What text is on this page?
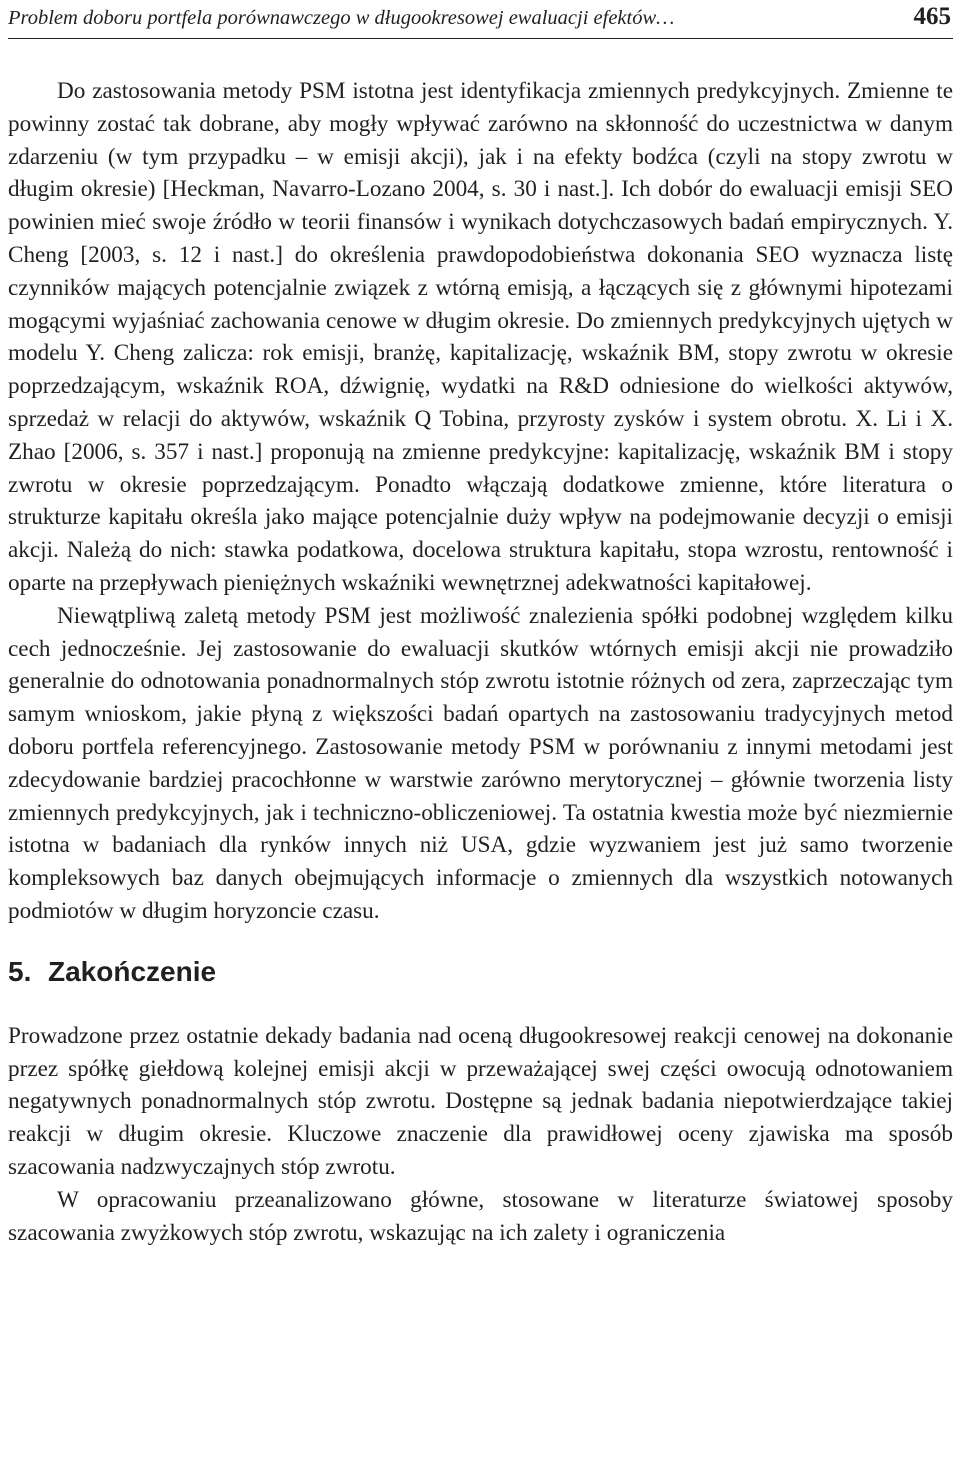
Problem doboru portfela porównawczego w długookresowej ewaluacji efektów…	465

Do zastosowania metody PSM istotna jest identyfikacja zmiennych predykcyjnych. Zmienne te powinny zostać tak dobrane, aby mogły wpływać zarówno na skłonność do uczestnictwa w danym zdarzeniu (w tym przypadku – w emisji akcji), jak i na efekty bodźca (czyli na stopy zwrotu w długim okresie) [Heckman, Navarro-Lozano 2004, s. 30 i nast.]. Ich dobór do ewaluacji emisji SEO powinien mieć swoje źródło w teorii finansów i wynikach dotychczasowych badań empirycznych. Y. Cheng [2003, s. 12 i nast.] do określenia prawdopodobieństwa dokonania SEO wyznacza listę czynników mających potencjalnie związek z wtórną emisją, a łączących się z głównymi hipotezami mogącymi wyjaśniać zachowania cenowe w długim okresie. Do zmiennych predykcyjnych ujętych w modelu Y. Cheng zalicza: rok emisji, branżę, kapitalizację, wskaźnik BM, stopy zwrotu w okresie poprzedzającym, wskaźnik ROA, dźwignię, wydatki na R&D odniesione do wielkości aktywów, sprzedaż w relacji do aktywów, wskaźnik Q Tobina, przyrosty zysków i system obrotu. X. Li i X. Zhao [2006, s. 357 i nast.] proponują na zmienne predykcyjne: kapitalizację, wskaźnik BM i stopy zwrotu w okresie poprzedzającym. Ponadto włączają dodatkowe zmienne, które literatura o strukturze kapitału określa jako mające potencjalnie duży wpływ na podejmowanie decyzji o emisji akcji. Należą do nich: stawka podatkowa, docelowa struktura kapitału, stopa wzrostu, rentowność i oparte na przepływach pieniężnych wskaźniki wewnętrznej adekwatności kapitałowej.

Niewątpliwą zaletą metody PSM jest możliwość znalezienia spółki podobnej względem kilku cech jednocześnie. Jej zastosowanie do ewaluacji skutków wtórnych emisji akcji nie prowadziło generalnie do odnotowania ponadnormalnych stóp zwrotu istotnie różnych od zera, zaprzeczając tym samym wnioskom, jakie płyną z większości badań opartych na zastosowaniu tradycyjnych metod doboru portfela referencyjnego. Zastosowanie metody PSM w porównaniu z innymi metodami jest zdecydowanie bardziej pracochłonne w warstwie zarówno merytorycznej – głównie tworzenia listy zmiennych predykcyjnych, jak i techniczno-obliczeniowej. Ta ostatnia kwestia może być niezmiernie istotna w badaniach dla rynków innych niż USA, gdzie wyzwaniem jest już samo tworzenie kompleksowych baz danych obejmujących informacje o zmiennych dla wszystkich notowanych podmiotów w długim horyzoncie czasu.

5. Zakończenie

Prowadzone przez ostatnie dekady badania nad oceną długookresowej reakcji cenowej na dokonanie przez spółkę giełdową kolejnej emisji akcji w przeważającej swej części owocują odnotowaniem negatywnych ponadnormalnych stóp zwrotu. Dostępne są jednak badania niepotwierdzające takiej reakcji w długim okresie. Kluczowe znaczenie dla prawidłowej oceny zjawiska ma sposób szacowania nadzwyczajnych stóp zwrotu.

W opracowaniu przeanalizowano główne, stosowane w literaturze światowej sposoby szacowania zwyżkowych stóp zwrotu, wskazując na ich zalety i ograniczenia
